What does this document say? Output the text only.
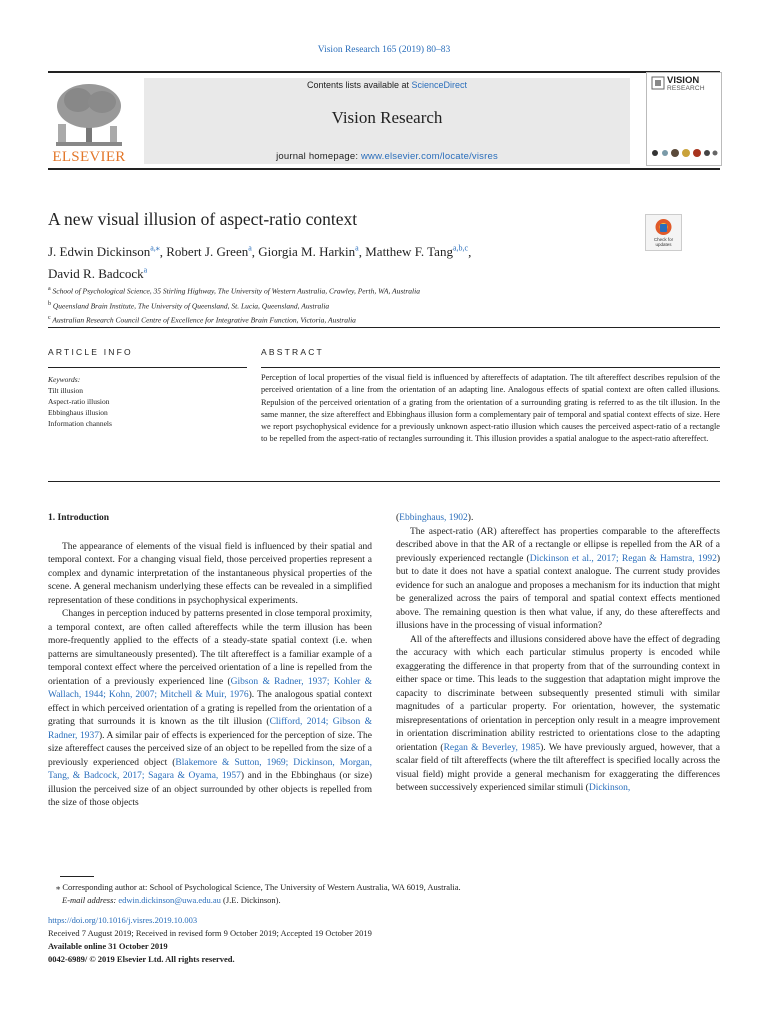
Vision Research 165 (2019) 80–83
ELSEVIER
Contents lists available at ScienceDirect
Vision Research
journal homepage: www.elsevier.com/locate/visres
VISION
RESEARCH
A new visual illusion of aspect-ratio context
Check for updates
J. Edwin Dickinson$^{a,⁎}$, Robert J. Green$^a$, Giorgia M. Harkin$^a$, Matthew F. Tang$^{a,b,c}$,
David R. Badcock$^a$
$^a$ School of Psychological Science, 35 Stirling Highway, The University of Western Australia, Crawley, Perth, WA, Australia
$^b$ Queensland Brain Institute, The University of Queensland, St. Lucia, Queensland, Australia
$^c$ Australian Research Council Centre of Excellence for Integrative Brain Function, Victoria, Australia
ARTICLE INFO	ABSTRACT
Keywords:
Tilt illusion
Aspect-ratio illusion
Ebbinghaus illusion
Information channels
Perception of local properties of the visual field is influenced by aftereffects of adaptation. The tilt aftereffect describes repulsion of the perceived orientation of a line from the orientation of an adapting line. Analogous effects of spatial context are often called illusions. Repulsion of the perceived orientation of a grating from the orientation of a surrounding grating is referred to as the tilt illusion. In the same manner, the size aftereffect and Ebbinghaus illusion form a complementary pair of temporal and spatial context effects of size. Here we report psychophysical evidence for a previously unknown aspect-ratio illusion which causes the perceived aspect-ratio of a rectangle to be repelled from the aspect-ratio of rectangles surrounding it. This illusion provides a spatial analogue to the aspect-ratio aftereffect.
1. Introduction

The appearance of elements of the visual field is influenced by their spatial and temporal context. For a changing visual field, those perceived properties represent a complex and dynamic interpretation of the instantaneous physical properties of the scene. A general mechanism underlying these effects can be revealed in a simplified representation of these conditions in psychophysical experiments.

Changes in perception induced by patterns presented in close temporal proximity, a temporal context, are often called aftereffects while the term illusion has been more-frequently applied to the effects of a steady-state spatial context (i.e. when patterns are simultaneously presented). The tilt aftereffect is a familiar example of a temporal context effect where the perceived orientation of a line is repelled from the orientation of a previously experienced line (Gibson & Radner, 1937; Kohler & Wallach, 1944; Kohn, 2007; Mitchell & Muir, 1976). The analogous spatial context effect in which perceived orientation of a grating is repelled from the orientation of a grating that surrounds it is known as the tilt illusion (Clifford, 2014; Gibson & Radner, 1937). A similar pair of effects is experienced for the perception of size. The size aftereffect causes the perceived size of an object to be repelled from the size of a previously experienced object (Blakemore & Sutton, 1969; Dickinson, Morgan, Tang, & Badcock, 2017; Sagara & Oyama, 1957) and in the Ebbinghaus (or size) illusion the perceived size of an object surrounded by other objects is repelled from the size of those objects

(Ebbinghaus, 1902).

The aspect-ratio (AR) aftereffect has properties comparable to the aftereffects described above in that the AR of a rectangle or ellipse is repelled from the AR of a previously experienced rectangle (Dickinson et al., 2017; Regan & Hamstra, 1992) but to date it does not have a spatial context analogue. The current study provides evidence for such an analogue and proposes a mechanism for its induction that might be generalized across the pairs of temporal and spatial context effects mentioned above. The remaining question is then what value, if any, do these aftereffects and illusions have in the processing of visual information?

All of the aftereffects and illusions considered above have the effect of degrading the accuracy with which each particular stimulus property is encoded while exaggerating the difference in that property from that of the surrounding context in either space or time. This leads to the suggestion that adaptation might improve the capacity to discriminate between subsequently presented stimuli with similar magnitudes of a particular property. For orientation, however, the systematic misrepresentations of orientation in perception only result in a meagre improvement in orientation discrimination ability restricted to orientations close to the adapting orientation (Regan & Beverley, 1985). We have previously argued, however, that a scalar field of tilt aftereffects (where the tilt aftereffect is specified locally across the visual field) might provide a general mechanism for exaggerating the differences between successively experienced similar stimuli (Dickinson,

⁎ Corresponding author at: School of Psychological Science, The University of Western Australia, WA 6019, Australia.
E-mail address: edwin.dickinson@uwa.edu.au (J.E. Dickinson).
https://doi.org/10.1016/j.visres.2019.10.003
Received 7 August 2019; Received in revised form 9 October 2019; Accepted 19 October 2019
Available online 31 October 2019
0042-6989/ © 2019 Elsevier Ltd. All rights reserved.
